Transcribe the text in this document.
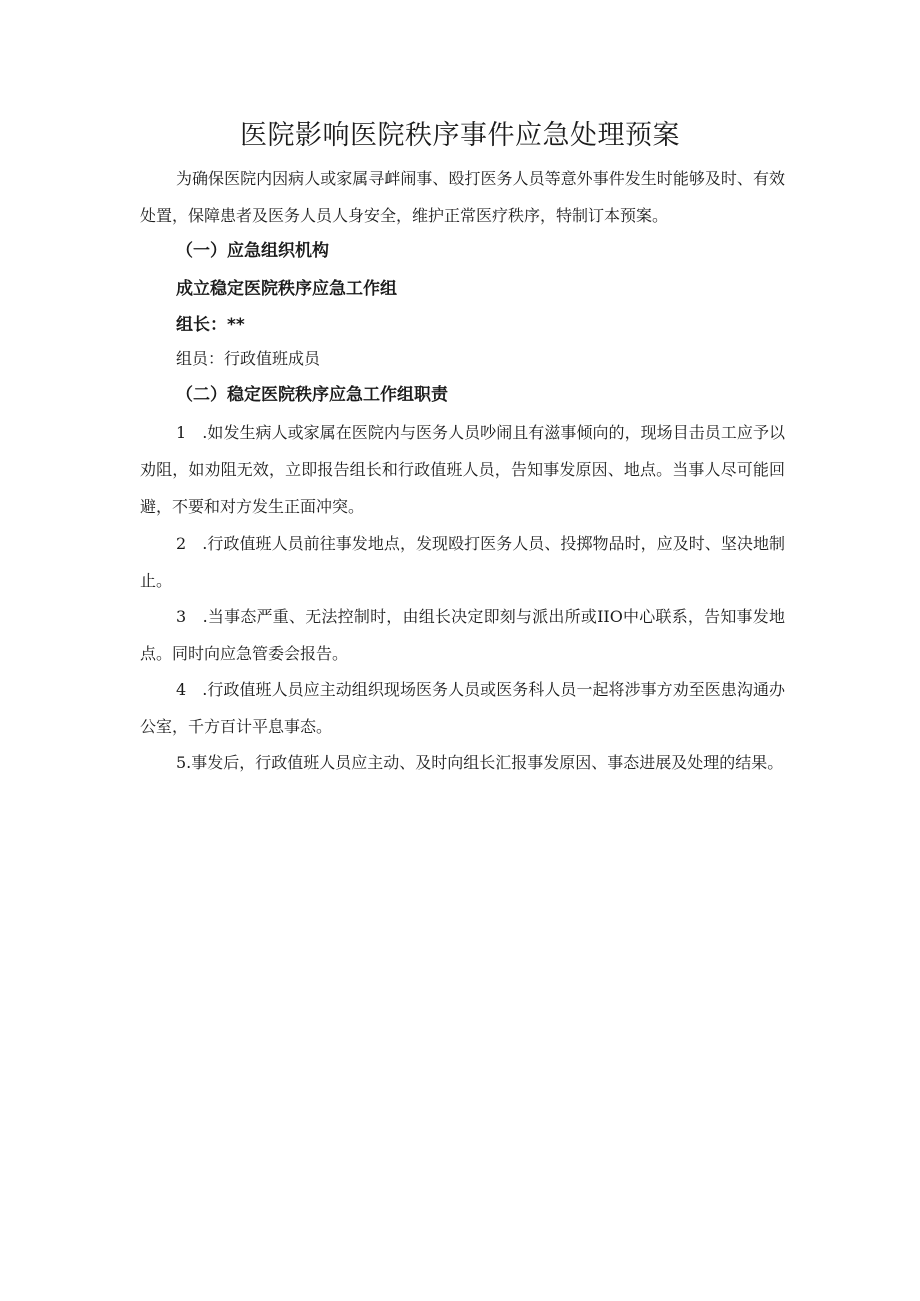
医院影响医院秩序事件应急处理预案

为确保医院内因病人或家属寻衅闹事、殴打医务人员等意外事件发生时能够及时、有效处置，保障患者及医务人员人身安全，维护正常医疗秩序，特制订本预案。

（一）应急组织机构
成立稳定医院秩序应急工作组

组长：**

组员：行政值班成员

（二）稳定医院秩序应急工作组职责

1　.如发生病人或家属在医院内与医务人员吵闹且有滋事倾向的，现场目击员工应予以劝阻，如劝阻无效，立即报告组长和行政值班人员，告知事发原因、地点。当事人尽可能回避，不要和对方发生正面冲突。

2　.行政值班人员前往事发地点，发现殴打医务人员、投掷物品时，应及时、坚决地制止。

3　.当事态严重、无法控制时，由组长决定即刻与派出所或IIO中心联系，告知事发地点。同时向应急管委会报告。

4　.行政值班人员应主动组织现场医务人员或医务科人员一起将涉事方劝至医患沟通办公室，千方百计平息事态。

5.事发后，行政值班人员应主动、及时向组长汇报事发原因、事态进展及处理的结果。
